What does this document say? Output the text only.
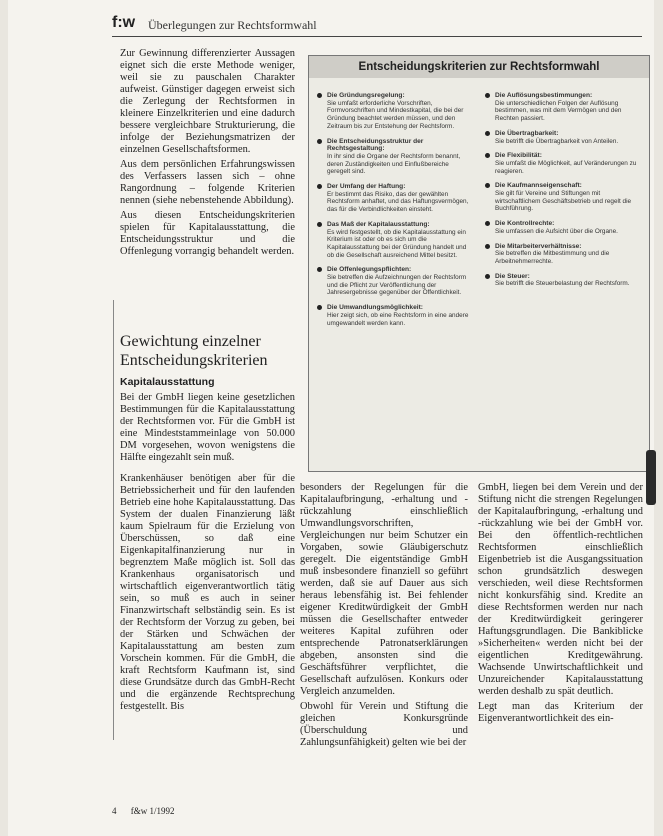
f:w Überlegungen zur Rechtsformwahl

Zur Gewinnung differenzierter Aussagen eignet sich die erste Methode weniger, weil sie zu pauschalen Charakter aufweist. Günstiger dagegen erweist sich die Zerlegung der Rechtsformen in kleinere Einzelkriterien und eine dadurch bessere vergleichbare Strukturierung, die infolge der Beziehungsmatrizen der einzelnen Gesellschaftsformen.

Aus dem persönlichen Erfahrungswissen des Verfassers lassen sich – ohne Rangordnung – folgende Kriterien nennen (siehe nebenstehende Abbildung).

Aus diesen Entscheidungskriterien spielen für Kapitalausstattung, die Entscheidungsstruktur und die Offenlegung vorrangig behandelt werden.

Gewichtung einzelner Entscheidungskriterien
Kapitalausstattung

Bei der GmbH liegen keine gesetzlichen Bestimmungen für die Kapitalausstattung der Rechtsformen vor. Für die GmbH ist eine Mindeststammeinlage von 50.000 DM vorgesehen, wovon wenigstens die Hälfte eingezahlt sein muß.

Krankenhäuser benötigen aber für die Betriebssicherheit und für den laufenden Betrieb eine hohe Kapitalausstattung. Das System der dualen Finanzierung läßt kaum Spielraum für die Erzielung von Überschüssen, so daß eine Eigenkapitalfinanzierung nur in begrenztem Maße möglich ist. Soll das Krankenhaus organisatorisch und wirtschaftlich eigenverantwortlich tätig sein, so muß es auch in seiner Finanzwirtschaft selbständig sein. Es ist der Rechtsform der Vorzug zu geben, bei der Stärken und Schwächen der Kapitalausstattung am besten zum Vorschein kommen. Für die GmbH, die kraft Rechtsform Kaufmann ist, sind diese Grundsätze durch das GmbH-Recht und die ergänzende Rechtsprechung festgestellt. Bis

Entscheidungskriterien zur Rechtsformwahl
Die Gründungsregelung:
Sie umfaßt erforderliche Vorschriften, Formvorschriften und Mindestkapital, die bei der Gründung beachtet werden müssen, und den Zeitraum bis zur Entstehung der Rechtsform.
Die Entscheidungsstruktur der Rechtsgestaltung:
In ihr sind die Organe der Rechtsform benannt, deren Zuständigkeiten und Einflußbereiche geregelt sind.
Der Umfang der Haftung:
Er bestimmt das Risiko, das der gewählten Rechtsform anhaftet, und das Haftungsvermögen, das für die Verbindlichkeiten einsteht.
Das Maß der Kapitalausstattung:
Es wird festgestellt, ob die Kapitalausstattung ein Kriterium ist oder ob es sich um die Kapitalausstattung bei der Gründung handelt und ob die Gesellschaft ausreichend Mittel besitzt.
Die Offenlegungspflichten:
Sie betreffen die Aufzeichnungen der Rechtsform und die Pflicht zur Veröffentlichung der Jahresergebnisse gegenüber der Öffentlichkeit.
Die Umwandlungsmöglichkeit:
Hier zeigt sich, ob eine Rechtsform in eine andere umgewandelt werden kann.
Die Auflösungsbestimmungen:
Die unterschiedlichen Folgen der Auflösung bestimmen, was mit dem Vermögen und den Rechten passiert.
Die Übertragbarkeit:
Sie betrifft die Übertragbarkeit von Anteilen.
Die Flexibilität:
Sie umfaßt die Möglichkeit, auf Veränderungen zu reagieren.
Die Kaufmannseigenschaft:
Sie gilt für Vereine und Stiftungen mit wirtschaftlichem Geschäftsbetrieb und regelt die Buchführung.
Die Kontrollrechte:
Sie umfassen die Aufsicht über die Organe.
Die Mitarbeiterverhältnisse:
Sie betreffen die Mitbestimmung und die Arbeitnehmerrechte.
Die Steuer:
Sie betrifft die Steuerbelastung der Rechtsform.

besonders der Regelungen für die Kapitalaufbringung, -erhaltung und -rückzahlung einschließlich Umwandlungsvorschriften, Vergleichungen nur beim Schutzer ein Vorgaben, sowie Gläubigerschutz geregelt. Die eigentständige GmbH muß insbesondere finanziell so geführt werden, daß sie auf Dauer aus sich heraus lebensfähig ist. Bei fehlender eigener Kreditwürdigkeit der GmbH müssen die Gesellschafter entweder weiteres Kapital zuführen oder entsprechende Patronatserklärungen abgeben, ansonsten sind die Geschäftsführer verpflichtet, die Gesellschaft aufzulösen. Konkurs oder Vergleich anzumelden.

Obwohl für Verein und Stiftung die gleichen Konkursgründe (Überschuldung und Zahlungsunfähigkeit) gelten wie bei der

GmbH, liegen bei dem Verein und der Stiftung nicht die strengen Regelungen der Kapitalaufbringung, -erhaltung und -rückzahlung wie bei der GmbH vor. Bei den öffentlich-rechtlichen Rechtsformen einschließlich Eigenbetrieb ist die Ausgangssituation schon grundsätzlich deswegen verschieden, weil diese Rechtsformen nicht konkursfähig sind. Kredite an diese Rechtsformen werden nur nach der Kreditwürdigkeit geringerer Haftungsgrundlagen. Die Bankiblicke »Sicherheiten« werden nicht bei der eigentlichen Kreditgewährung. Wachsende Unwirtschaftlichkeit und Unzureichender Kapitalausstattung werden deshalb zu spät deutlich.

Legt man das Kriterium der Eigenverantwortlichkeit des ein-

4 f&w 1/1992
